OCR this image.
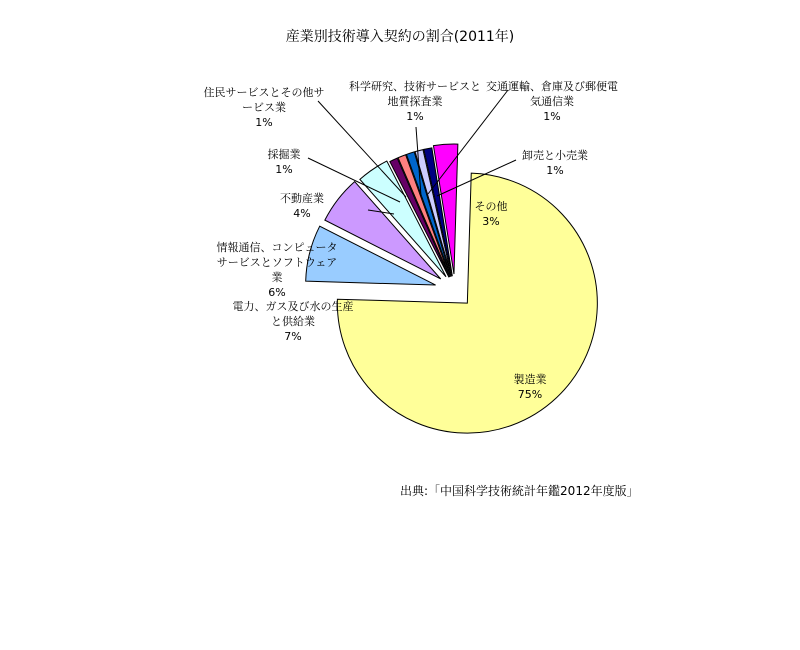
産業別技術導入契約の割合(2011年)
製造業
75%
電力、ガス及び水の生産と供給業
7%
情報通信、コンピュータサービスとソフトウェア業
6%
不動産業
4%
採掘業
1%
住民サービスとその他サービス業
1%
科学研究、技術サービスと地質探査業
1%
交通運輸、倉庫及び郵便電気通信業
1%
卸売と小売業
1%
その他
3%
出典:「中国科学技術統計年鑑2012年度版」
